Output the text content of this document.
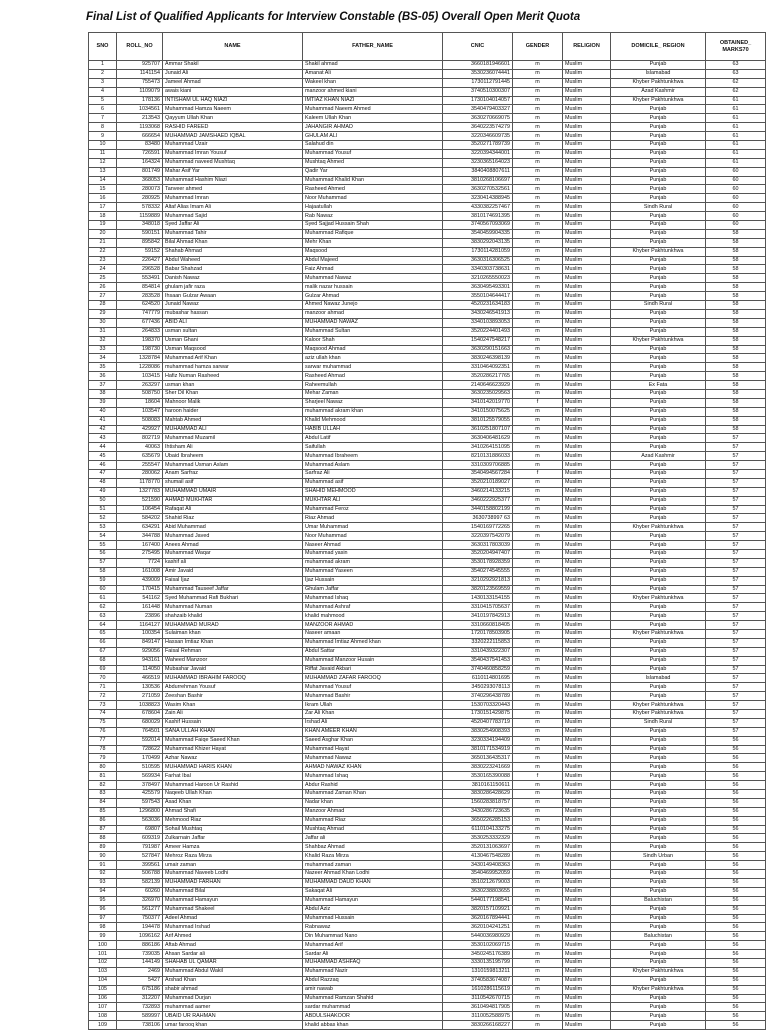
Final List of Qualified Applicants for Interview Constable (BS-05) Overall Open Merit Quota
SNO	ROLL_NO	NAME	FATHER_NAME	CNIC	GENDER	RELIGION	DOMICILE_ REGION	OBTAINED_ MARKS70
1	925707	Ammar Shakil	Shakil ahmad	3660181946601	m	Muslim	Punjab	63
2	1141154	Junaid Ali	Amanat Ali	3530236074441	m	Muslim	Islamabad	63
3	755473	Jameel Ahmad	Wakeel khan	1730112791445	m	Muslim	Khyber Pakhtunkhwa	62
4	1109079	awais kiani	manzoor ahmed kiani	3740510300307	m	Muslim	Azad Kashmir	62
5	178136	INTISHAM UL HAQ NIAZI	IMTIAZ KHAN NIAZI	1730104014057	m	Muslim	Khyber Pakhtunkhwa	61
6	1034561	Muhammad Hamza Naeem	Muhammad Naeem Ahmed	3540479403327	m	Muslim	Punjab	61
7	213543	Qayyum Ullah Khan	Kaleem Ullah Khan	3630270669075	m	Muslim	Punjab	61
8	1193068	RASHID FAREED	JAHANGIR AHMAD	3640223574279	m	Muslim	Punjab	61
9	666654	MUHAMMAD JAMSHAED IQBAL	GHULAM ALI	3220346609735	m	Muslim	Punjab	61
10	83480	Muhammad Uzair	Salahud din	3520271789739	m	Muslim	Punjab	61
11	726591	Muhammad Imran Yousuf	Muhammad Yousuf	3220394344001	m	Muslim	Punjab	61
12	164324	Muhammad naveed Mushtaq	Mushtaq Ahmed	3230365164023	m	Muslim	Punjab	61
13	801749	Mahar Asif Yar	Qadir Yar	3840408807611	m	Muslim	Punjab	60
14	368053	Muhammad Hashim Niazi	Muhammad Khalid Khan	3810268106697	m	Muslim	Punjab	60
15	280073	Tanveer ahmed	Rasheed Ahmed	3630270532561	m	Muslim	Punjab	60
16	280925	Muhammad Imran	Noor Muhammad	3230414388945	m	Muslim	Punjab	60
17	578332	Altaf Alias Imam Ali	Hajaatullah	4330382257467	m	Muslim	Sindh Rural	60
18	1159889	Muhammad Sajid	Rab Nawaz	3810174691395	m	Muslim	Punjab	60
19	348018	Syed Jaffar Ali	Syed Sajjad Hussain Shah	3740567093069	m	Muslim	Punjab	60
20	590151	Muhammad Tahir	Muhammad Rafique	3540459904335	m	Muslim	Punjab	58
21	895842	Bilal Ahmad Khan	Mehr Khan	3830292043135	m	Muslim	Punjab	58
22	59152	Shahab Ahmad	Maqsood	1730114281059	m	Muslim	Khyber Pakhtunkhwa	58
23	226427	Abdul Waheed	Abdul Majeed	3630316306525	m	Muslim	Punjab	58
24	296528	Babar Shahzad	Faiz Ahmad	3340303738631	m	Muslim	Punjab	58
25	553491	Danish Nawaz	Muhammad Nawaz	3210265550023	m	Muslim	Punjab	58
26	854814	ghulam jafir raza	malik nazar hussain	3630495493301	m	Muslim	Punjab	58
27	283528	Ihsaan Gulzar Awaan	Gulzar Ahmad	3550104644417	m	Muslim	Punjab	58
28	624520	Junaid Nawaz	Ahmed Nawaz Junejo	4520231634183	m	Muslim	Sindh Rural	58
29	747779	mubashar hassan	manzoor ahmad	3430246541913	m	Muslim	Punjab	58
30	677436	ABID ALI	MUHAMMAD NAWAZ	3340103893053	m	Muslim	Punjab	58
31	264833	usman sultan	Muhammad Sultan	3520224401493	m	Muslim	Punjab	58
32	198370	Usman Ghani	Kaloor Shah	1540247548217	m	Muslim	Khyber Pakhtunkhwa	58
33	198730	Usman Maqsood	Maqsood Ahmad	3630290151663	m	Muslim	Punjab	58
34	1328784	Muhammad Arif Khan	aziz ullah khan	3830246398139	m	Muslim	Punjab	58
35	1228086	muhammad hamza sarwar	sarwar muhammad	3310464092351	m	Muslim	Punjab	58
36	103415	Hafiz Numan Rasheed	Rasheed Ahmad	3520286217765	m	Muslim	Punjab	58
37	263297	usman khan	Raheemullah	2140646623929	m	Muslim	Ex Fata	58
38	508750	Sher Dil Khan	Mehar Zaman	3630235029563	m	Muslim	Punjab	58
39	18604	Mahnoor Malik	Sharjeel Nawaz	3410142019770	f	Muslim	Punjab	58
40	103547	haroon haider	muhammad akram khan	3410150075625	m	Muslim	Punjab	58
41	508083	Mahtab Ahmed	Khalid Mehmood	3810125579055	m	Muslim	Punjab	58
42	429927	MUHAMMAD ALI	HABIB ULLAH	3610251807107	m	Muslim	Punjab	58
43	802719	Muhammad Muzamil	Abdul Latif	3630406481629	m	Muslim	Punjab	57
44	40063	Ihtisham Ali	Saifullah	3410264151095	m	Muslim	Punjab	57
45	635679	Ubaid Ibraheem	Muhammad Ibraheem	8210131886033	m	Muslim	Azad Kashmir	57
46	255547	Muhammad Usman Aslam	Muhammad Aslam	3310309706885	m	Muslim	Punjab	57
47	280062	Anam Sarfraz	Sarfraz Ali	3540494567284	f	Muslim	Punjab	57
48	1178770	shumail asif	Muhammad asif	3520210189027	m	Muslim	Punjab	57
49	1327783	MUHAMMAD UMAIR	SHAHID MEHMOOD	3460214133215	m	Muslim	Punjab	57
50	521590	AHMAD MUKHTAR	MUKHTAR ALI	3460222925377	m	Muslim	Punjab	57
51	106454	Rafaqat Ali	Muhammad Feroz	3440158802199	m	Muslim	Punjab	57
52	584202	Shahid Riaz	Riaz Ahmad	3630738997 63	m	Muslim	Punjab	57
53	634291	Abid Muhammad	Umar Muhammad	1540169772265	m	Muslim	Khyber Pakhtunkhwa	57
54	344788	Muhammad Javed	Noor Muhammad	3220397542079	m	Muslim	Punjab	57
55	167400	Anees Ahmad	Naseer Ahmad	3630317803039	m	Muslim	Punjab	57
56	275495	Muhammad Waqar	Muhammad yasin	3520204947407	m	Muslim	Punjab	57
57	7724	kashif ali	muhammad akram	3530178928359	m	Muslim	Punjab	57
58	161008	Amir Javaid	Muhammad Yaseen	3540274545555	m	Muslim	Punjab	57
59	439009	Faisal Ijaz	Ijaz Hussain	3210292921813	m	Muslim	Punjab	57
60	170415	Muhammad Tauseef Jaffar	Ghulam Jaffar	3820123569559	m	Muslim	Punjab	57
61	541162	Syed Muhammad Rafi Bukhari	Muhammad Ishaq	1430133154155	m	Muslim	Khyber Pakhtunkhwa	57
62	161448	Muhammad Numan	Muhammad Ashraf	3310415705637	m	Muslim	Punjab	57
63	23896	shahzaib khalid	khalid mahmood	3410197842913	m	Muslim	Punjab	57
64	1164127	MUHAMMAD MURAD	MANZOOR AHMAD	3310660818405	m	Muslim	Punjab	57
65	100354	Sulaiman khan	Naseer amaan	1720178503905	m	Muslim	Khyber Pakhtunkhwa	57
66	849147	Hassan Imtiaz Khan	Muhammad Imtiaz Ahmed khan	3320222115853	m	Muslim	Punjab	57
67	929056	Faisal Rehman	Abdul Sattar	3310439322307	m	Muslim	Punjab	57
68	943161	Waheed Manzoor	Muhammad Manzoor Husain	3540437541453	m	Muslim	Punjab	57
69	114050	Mubashar Javaid	Riffat Javaid Akbari	3740460858259	m	Muslim	Punjab	57
70	466519	MUHAMMAD IBRAHIM FAROOQ	MUHAMMAD ZAFAR FAROOQ	6110114801695	m	Muslim	Islamabad	57
71	130536	Abdurrehman Yousuf	Muhammad Yousuf	3450293078113	m	Muslim	Punjab	57
72	271059	Zeeshan Bashir	Muhammad Bashir	3740296438789	m	Muslim	Punjab	57
73	1038823	Wasim Khan	Ikram Ullah	1530703320443	m	Muslim	Khyber Pakhtunkhwa	57
74	678604	Zain Ali	Zar Ali Khan	1730151429875	m	Muslim	Khyber Pakhtunkhwa	57
75	680029	Kashif Hussain	Irshad Ali	4520407783719	m	Muslim	Sindh Rural	57
76	764501	SANA ULLAH KHAN	KHAN AMEER KHAN	3830254908393	m	Muslim	Punjab	57
77	592014	Muhammad Faiqe Saeed Khan	Saeed Asghar Khan	3230334194409	m	Muslim	Punjab	56
78	728622	Muhammad Khizer Hayat	Muhammad Hayat	3810171534919	m	Muslim	Punjab	56
79	170499	Azhar Nawaz	Muhammad Nawaz	3650136435317	m	Muslim	Punjab	56
80	510595	MUHAMMAD HARIS KHAN	AHMAD NAWAZ KHAN	3830223241669	m	Muslim	Punjab	56
81	569934	Farhat Ibal	Muhammad Ishaq	3530165390088	f	Muslim	Punjab	56
82	378497	Muhammad Haroon Ur Rashid	Abdur Rashid	3810161150611	m	Muslim	Punjab	56
83	425579	Naqeeb Ullah Khan	Muhammad Zaman Khan	3830286428629	m	Muslim	Punjab	56
84	597543	Asad Khan	Nadar khan	1560283818757	m	Muslim	Punjab	56
85	1296800	Ahmad Shafi	Manzoor Ahmad	3430286723635	m	Muslim	Punjab	56
86	563036	Mehmood Riaz	Muhammad Riaz	3650226285153	m	Muslim	Punjab	56
87	69807	Sohail Mushtaq	Mushtaq Ahmad	6110104133275	m	Muslim	Punjab	56
88	609319	Zulkarnain Jaffar	Jaffar ali	3530253332329	m	Muslim	Punjab	56
89	791987	Ameer Hamza	Shahbaz Ahmad	3520131063697	m	Muslim	Punjab	56
90	527847	Mehroz Raza Mirza	Khalid Raza Mirza	4130467548289	m	Muslim	Sindh Urban	56
91	399561	umair zaman	muhammad zaman	3430149408363	m	Muslim	Punjab	56
92	506788	Muhammad Naveeb Lodhi	Nazeer Ahmad Khan Lodhi	3540469952059	m	Muslim	Punjab	56
93	582139	MUHAMMAD FARHAN	MUHAMMAD DAUD KHAN	3510212679003	m	Muslim	Punjab	56
94	60260	Muhammad Bilal	Sakaqat Ali	3630238803655	m	Muslim	Punjab	56
95	326970	Muhammad Hamayun	Muhammad Hamayun	5440177198541	m	Muslim	Baluchistan	56
96	561277	Muhammad Shakeel	Abdul Aziz	3820157109921	m	Muslim	Punjab	56
97	750377	Adeel Ahmad	Muhammad Hussain	3620167894441	m	Muslim	Punjab	56
98	194478	Muhammad Irshad	Rabnawaz	3620104241251	m	Muslim	Punjab	56
99	1096162	Arif Ahmed	Din Muhammad Nano	5440036980929	m	Muslim	Baluchistan	56
100	886186	Aftab Ahmad	Muhammad Arif	3530102069715	m	Muslim	Punjab	56
101	739035	Ahsan Sardar ali	Sardar Ali	3450245176389	m	Muslim	Punjab	56
102	144149	SHAHAB UL QAMAR	MUHAMMAD ASHFAQ	3330135195799	m	Muslim	Punjab	56
103	2469	Muhammad Abdul Wakil	Muhammad Nazir	1310159813211	m	Muslim	Khyber Pakhtunkhwa	56
104	5427	Arshad Khan	Abdul Razzaq	3740583674087	m	Muslim	Punjab	56
105	675186	shabir ahmad	amir nawab	1610286115619	m	Muslim	Khyber Pakhtunkhwa	56
106	312207	Muhammad Durjan	Muhammad Ramzan Shahid	3110542670715	m	Muslim	Punjab	56
107	732893	muhammad aamer	sardar muhammad	3610494817905	m	Muslim	Punjab	56
108	589997	UBAID UR RAHMAN	ABDULSHAKOOR	3110052588975	m	Muslim	Punjab	56
109	738106	umar farooq khan	khalid abbas khan	3830266168227	m	Muslim	Punjab	56
